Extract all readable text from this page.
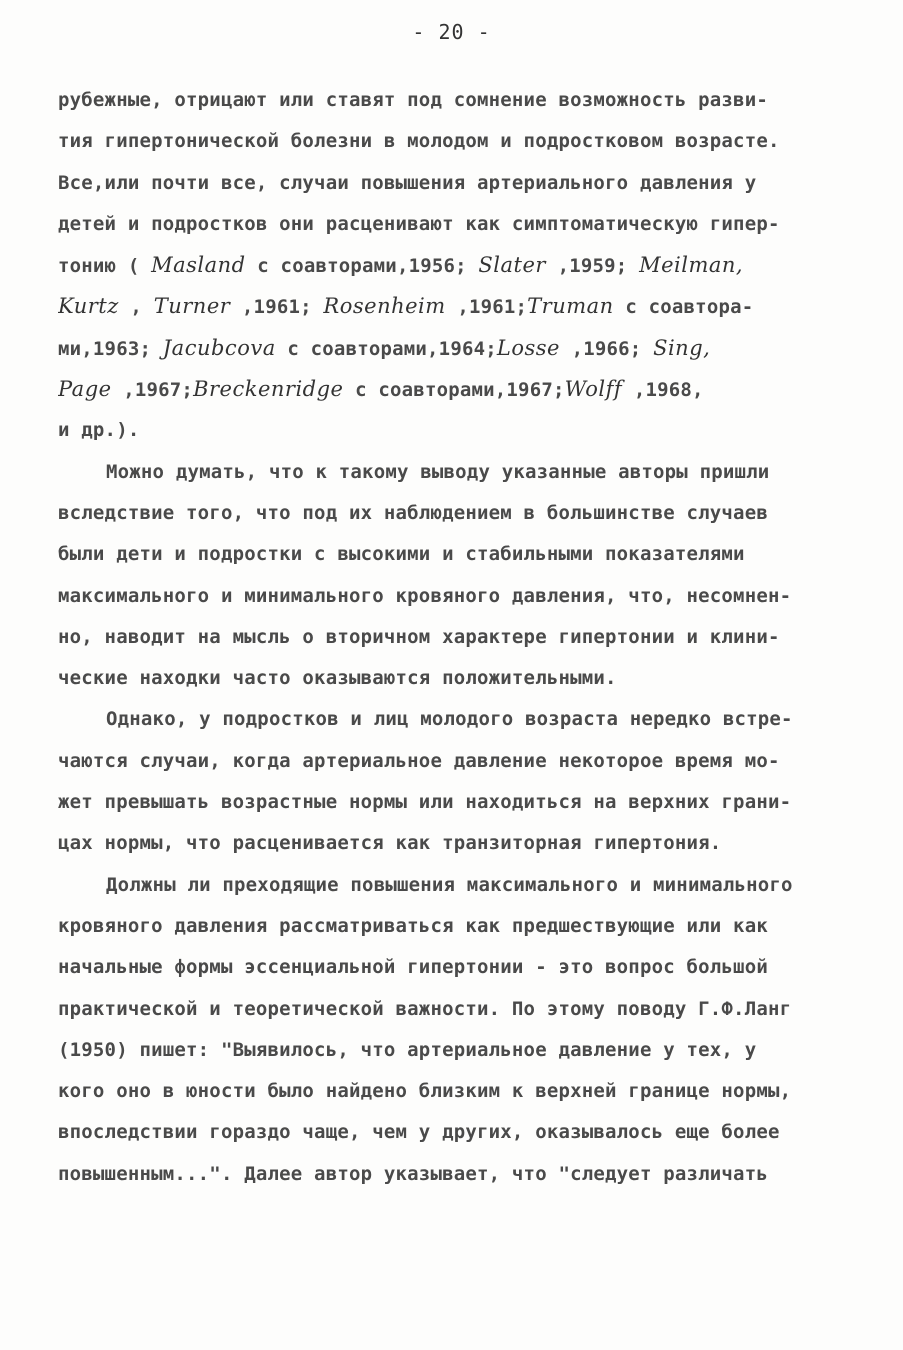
- 20 -
рубежные, отрицают или ставят под сомнение возможность разви-
тия гипертонической болезни в молодом и подростковом возрасте.
Все,или почти все, случаи повышения артериального давления у
детей и подростков они расценивают как симптоматическую гипер-
тонию ( Masland с соавторами,1956; Slater ,1959; Meilman,
Kurtz , Turner ,1961; Rosenheim ,1961;Truman с соавтора-
ми,1963; Jacubcova с соавторами,1964;Losse ,1966; Sing,
Page ,1967;Breckenridge с соавторами,1967;Wolff ,1968,
и др.).
Можно думать, что к такому выводу указанные авторы пришли
вследствие того, что под их наблюдением в большинстве случаев
были дети и подростки с высокими и стабильными показателями
максимального и минимального кровяного давления, что, несомнен-
но, наводит на мысль о вторичном характере гипертонии и клини-
ческие находки часто оказываются положительными.
Однако, у подростков и лиц молодого возраста нередко встре-
чаются случаи, когда артериальное давление некоторое время мо-
жет превышать возрастные нормы или находиться на верхних грани-
цах нормы, что расценивается как транзиторная гипертония.
Должны ли преходящие повышения максимального и минимального
кровяного давления рассматриваться как предшествующие или как
начальные формы эссенциальной гипертонии - это вопрос большой
практической и теоретической важности. По этому поводу Г.Ф.Ланг
(1950) пишет: "Выявилось, что артериальное давление у тех, у
кого оно в юности было найдено близким к верхней границе нормы,
впоследствии гораздо чаще, чем у других, оказывалось еще более
повышенным...". Далее автор указывает, что "следует различать
